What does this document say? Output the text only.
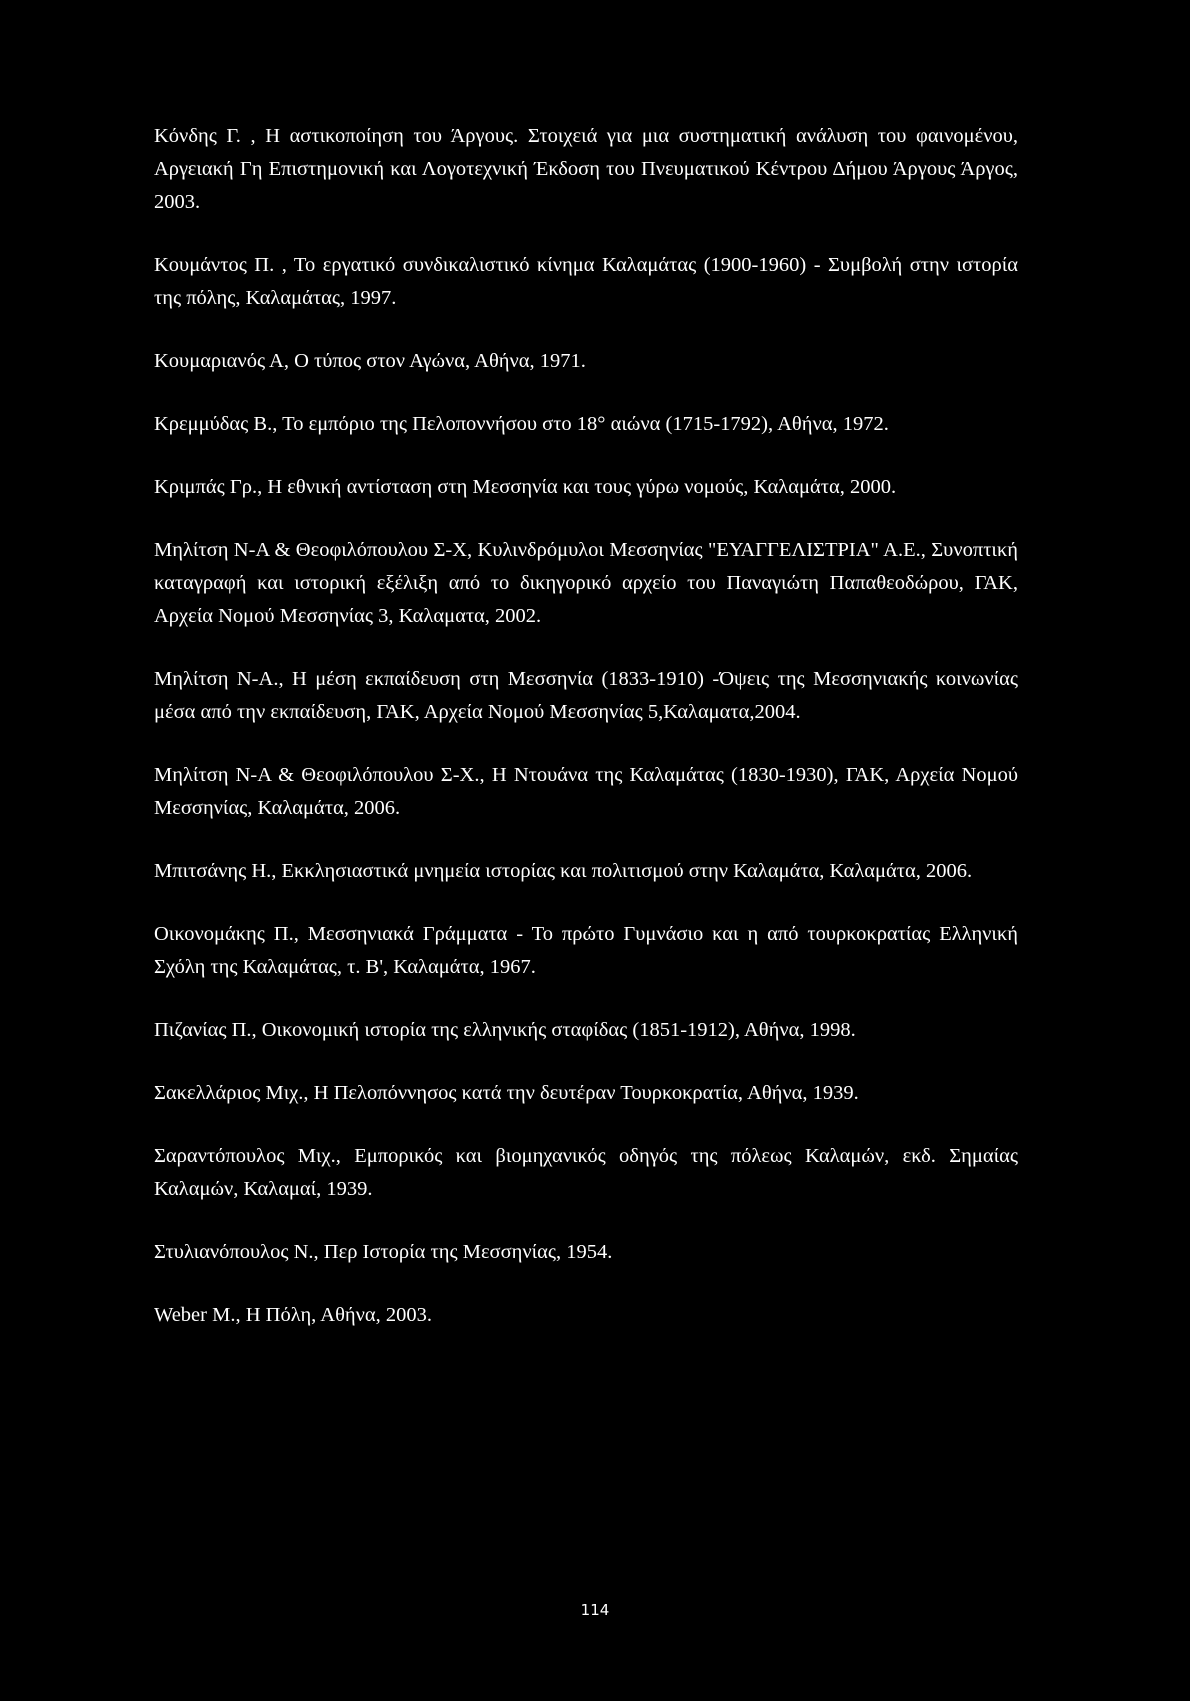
Κόνδης Γ. , Η αστικοποίηση του Άργους. Στοιχειά για μια συστηματική ανάλυση του φαινομένου, Αργειακή Γη Επιστημονική και Λογοτεχνική Έκδοση του Πνευματικού Κέντρου Δήμου Άργους Άργος, 2003.

Κουμάντος Π. , Το εργατικό συνδικαλιστικό κίνημα Καλαμάτας (1900-1960) - Συμβολή στην ιστορία της πόλης, Καλαμάτας, 1997.

Κουμαριανός Α, Ο τύπος στον Αγώνα, Αθήνα, 1971.

Κρεμμύδας Β., Το εμπόριο της Πελοποννήσου στο 18° αιώνα (1715-1792), Αθήνα, 1972.

Κριμπάς Γρ., Η εθνική αντίσταση στη Μεσσηνία και τους γύρω νομούς, Καλαμάτα, 2000.

Μηλίτση Ν-Α & Θεοφιλόπουλου Σ-Χ, Κυλινδρόμυλοι Μεσσηνίας "ΕΥΑΓΓΕΛΙΣΤΡΙΑ" Α.Ε., Συνοπτική καταγραφή και ιστορική εξέλιξη από το δικηγορικό αρχείο του Παναγιώτη Παπαθεοδώρου, ΓΑΚ, Αρχεία Νομού Μεσσηνίας 3, Καλαματα, 2002.

Μηλίτση Ν-Α., Η μέση εκπαίδευση στη Μεσσηνία (1833-1910) -Όψεις της Μεσσηνιακής κοινωνίας μέσα από την εκπαίδευση, ΓΑΚ, Αρχεία Νομού Μεσσηνίας 5,Καλαματα,2004.

Μηλίτση Ν-Α & Θεοφιλόπουλου Σ-Χ., Η Ντουάνα της Καλαμάτας (1830-1930), ΓΑΚ, Αρχεία Νομού Μεσσηνίας, Καλαμάτα, 2006.

Μπιτσάνης Η., Εκκλησιαστικά μνημεία ιστορίας και πολιτισμού στην Καλαμάτα, Καλαμάτα, 2006.

Οικονομάκης Π., Μεσσηνιακά Γράμματα - Το πρώτο Γυμνάσιο και η από τουρκοκρατίας Ελληνική Σχόλη της Καλαμάτας, τ. Β', Καλαμάτα, 1967.

Πιζανίας Π., Οικονομική ιστορία της ελληνικής σταφίδας (1851-1912), Αθήνα, 1998.

Σακελλάριος Μιχ., Η Πελοπόννησος κατά την δευτέραν Τουρκοκρατία, Αθήνα, 1939.

Σαραντόπουλος Μιχ., Εμπορικός και βιομηχανικός οδηγός της πόλεως Καλαμών, εκδ. Σημαίας Καλαμών, Καλαμαί, 1939.

Στυλιανόπουλος Ν., Περ Ιστορία της Μεσσηνίας, 1954.

Weber M., Η Πόλη, Αθήνα, 2003.

114
